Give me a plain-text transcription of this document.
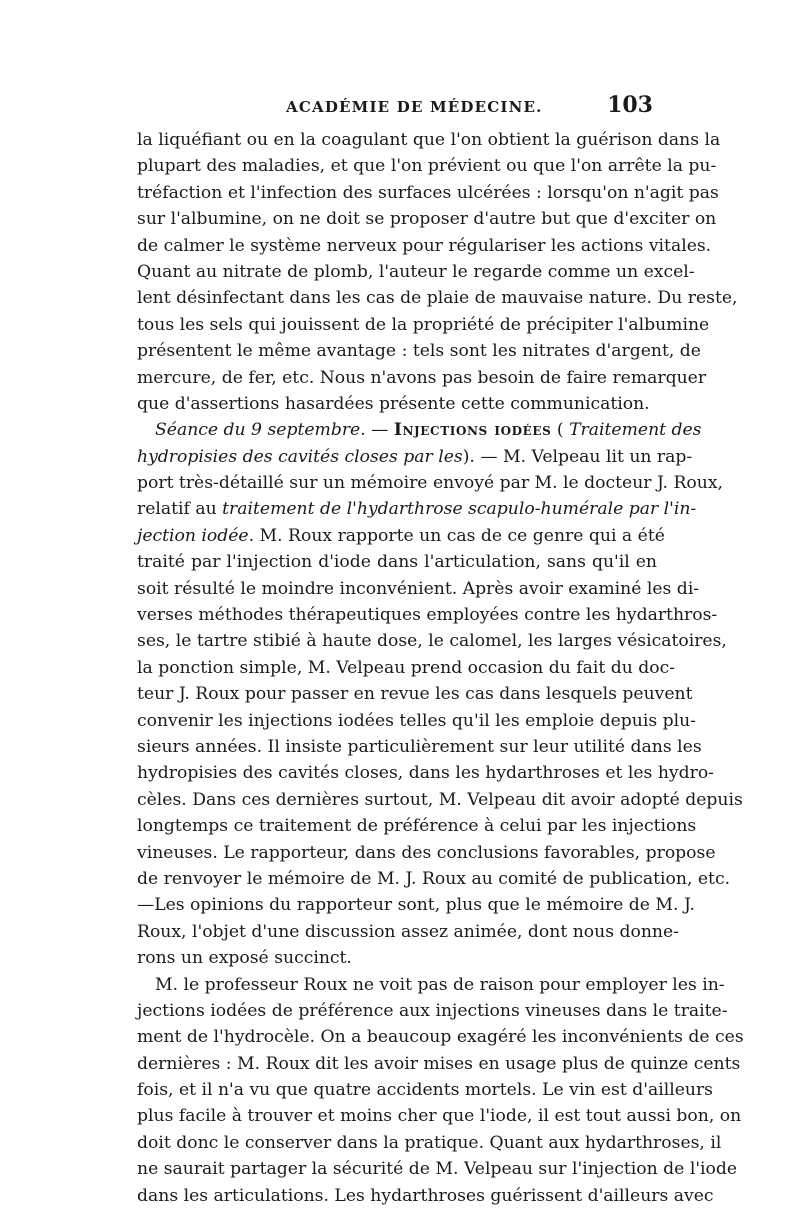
ACADÉMIE DE MÉDECINE.	103
la liquéfiant ou en la coagulant que l'on obtient la guérison dans la
plupart des maladies, et que l'on prévient ou que l'on arrête la pu-
tréfaction et l'infection des surfaces ulcérées : lorsqu'on n'agit pas
sur l'albumine, on ne doit se proposer d'autre but que d'exciter on
de calmer le système nerveux pour régulariser les actions vitales.
Quant au nitrate de plomb, l'auteur le regarde comme un excel-
lent désinfectant dans les cas de plaie de mauvaise nature. Du reste,
tous les sels qui jouissent de la propriété de précipiter l'albumine
présentent le même avantage : tels sont les nitrates d'argent, de
mercure, de fer, etc. Nous n'avons pas besoin de faire remarquer
que d'assertions hasardées présente cette communication.
Séance du 9 septembre. — Injections iodées ( Traitement des
hydropisies des cavités closes par les). — M. Velpeau lit un rap-
port très-détaillé sur un mémoire envoyé par M. le docteur J. Roux,
relatif au traitement de l'hydarthrose scapulo-humérale par l'in-
jection iodée. M. Roux rapporte un cas de ce genre qui a été
traité par l'injection d'iode dans l'articulation, sans qu'il en
soit résulté le moindre inconvénient. Après avoir examiné les di-
verses méthodes thérapeutiques employées contre les hydarthros-
ses, le tartre stibié à haute dose, le calomel, les larges vésicatoires,
la ponction simple, M. Velpeau prend occasion du fait du doc-
teur J. Roux pour passer en revue les cas dans lesquels peuvent
convenir les injections iodées telles qu'il les emploie depuis plu-
sieurs années. Il insiste particulièrement sur leur utilité dans les
hydropisies des cavités closes, dans les hydarthroses et les hydro-
cèles. Dans ces dernières surtout, M. Velpeau dit avoir adopté depuis
longtemps ce traitement de préférence à celui par les injections
vineuses. Le rapporteur, dans des conclusions favorables, propose
de renvoyer le mémoire de M. J. Roux au comité de publication, etc.
—Les opinions du rapporteur sont, plus que le mémoire de M. J.
Roux, l'objet d'une discussion assez animée, dont nous donne-
rons un exposé succinct.
M. le professeur Roux ne voit pas de raison pour employer les in-
jections iodées de préférence aux injections vineuses dans le traite-
ment de l'hydrocèle. On a beaucoup exagéré les inconvénients de ces
dernières : M. Roux dit les avoir mises en usage plus de quinze cents
fois, et il n'a vu que quatre accidents mortels. Le vin est d'ailleurs
plus facile à trouver et moins cher que l'iode, il est tout aussi bon, on
doit donc le conserver dans la pratique. Quant aux hydarthroses, il
ne saurait partager la sécurité de M. Velpeau sur l'injection de l'iode
dans les articulations. Les hydarthroses guérissent d'ailleurs avec
